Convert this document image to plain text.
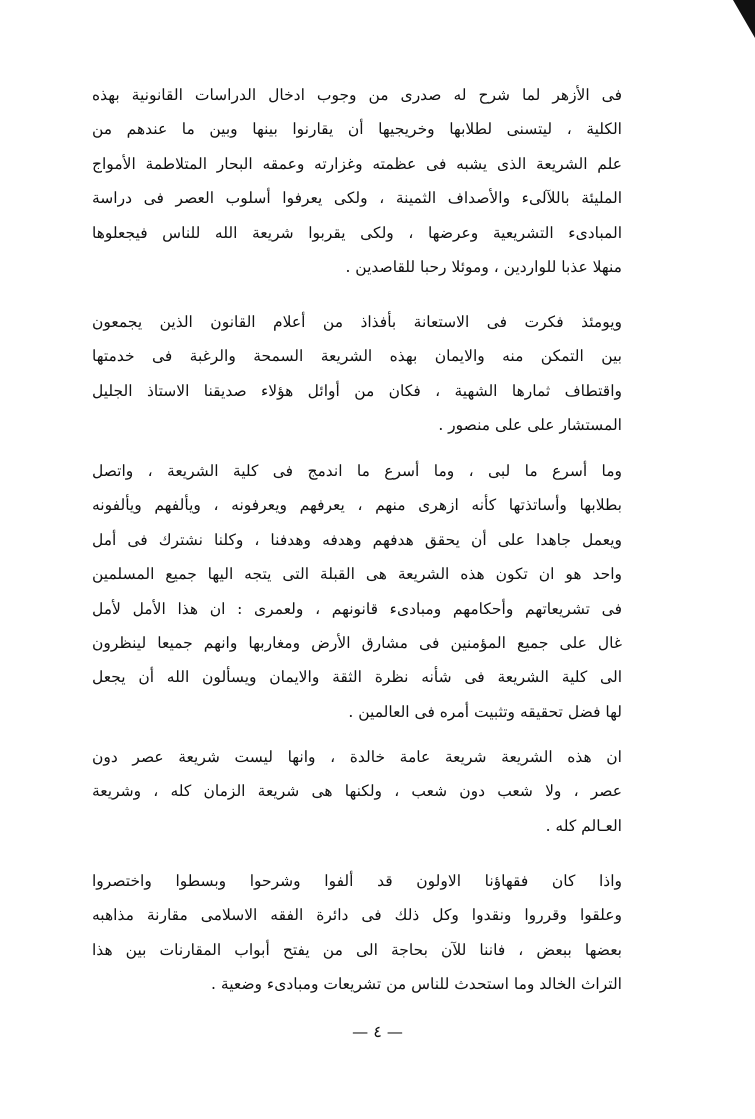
فى الأزهر لما شرح له صدرى من وجوب ادخال الدراسات القانونية بهذه
الكلية ، ليتسنى لطلابها وخريجيها أن يقارنوا بينها وبين ما عندهم من
علم الشريعة الذى يشبه فى عظمته وغزارته وعمقه البحار المتلاطمة الأمواج
المليئة باللآلىء والأصداف الثمينة ، ولكى يعرفوا أسلوب العصر فى دراسة
المبادىء التشريعية وعرضها ، ولكى يقربوا شريعة الله للناس فيجعلوها
منهلا عذبا للواردين ، وموئلا رحبا للقاصدين .
ويومئذ فكرت فى الاستعانة بأفذاذ من أعلام القانون الذين يجمعون
بين التمكن منه والايمان بهذه الشريعة السمحة والرغبة فى خدمتها
واقتطاف ثمارها الشهية ، فكان من أوائل هؤلاء صديقنا الاستاذ الجليل
المستشار على على منصور .
وما أسرع ما لبى ، وما أسرع ما اندمج فى كلية الشريعة ، واتصل
بطلابها وأساتذتها كأنه ازهرى منهم ، يعرفهم ويعرفونه ، ويألفهم ويألفونه
ويعمل جاهدا على أن يحقق هدفهم وهدفه وهدفنا ، وكلنا نشترك فى أمل
واحد هو ان تكون هذه الشريعة هى القبلة التى يتجه اليها جميع المسلمين
فى تشريعاتهم وأحكامهم ومبادىء قانونهم ، ولعمرى : ان هذا الأمل لأمل
غال على جميع المؤمنين فى مشارق الأرض ومغاربها وانهم جميعا لينظرون
الى كلية الشريعة فى شأنه نظرة الثقة والايمان ويسألون الله أن يجعل
لها فضل تحقيقه وتثبيت أمره فى العالمين .
ان هذه الشريعة شريعة عامة خالدة ، وانها ليست شريعة عصر دون
عصر ، ولا شعب دون شعب ، ولكنها هى شريعة الزمان كله ، وشريعة
العـالم كله .
واذا كان فقهاؤنا الاولون قد ألفوا وشرحوا وبسطوا واختصروا
وعلقوا وقرروا ونقدوا وكل ذلك فى دائرة الفقه الاسلامى مقارنة مذاهبه
بعضها ببعض ، فاننا للآن بحاجة الى من يفتح أبواب المقارنات بين هذا
التراث الخالد وما استحدث للناس من تشريعات ومبادىء وضعية .
— ٤ —
